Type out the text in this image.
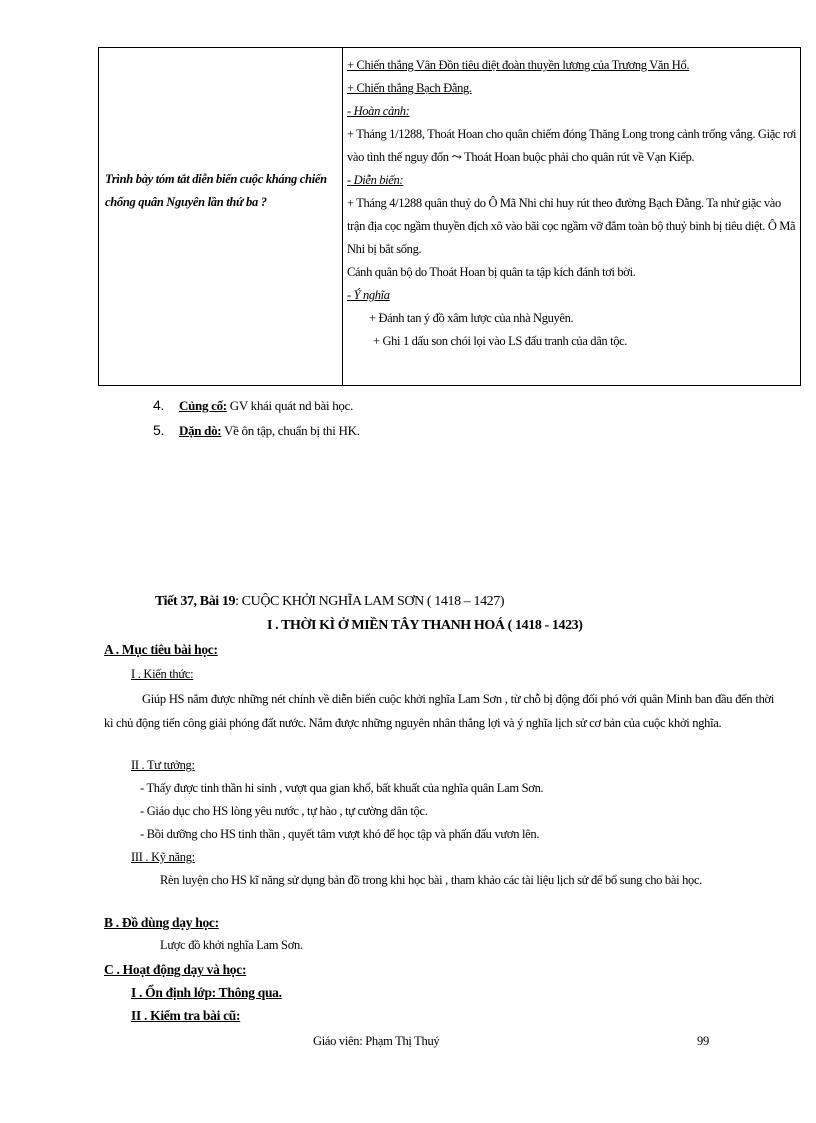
Trình bày tóm tắt diễn biến cuộc kháng chiến chống quân Nguyên lần thứ ba ?
+ Chiến thắng Vân Đồn tiêu diệt đoàn thuyền lương của Trương Văn Hổ.
+ Chiến thắng Bạch Đằng.
- Hoàn cảnh:
+ Tháng 1/1288, Thoát Hoan cho quân chiếm đóng Thăng Long trong cảnh trống vắng. Giặc rơi vào tình thế nguy đốn ⤳ Thoát Hoan buộc phải cho quân rút về Vạn Kiếp.
- Diễn biến:
+ Tháng 4/1288 quân thuỷ do Ô Mã Nhi chỉ huy rút theo đường Bạch Đằng. Ta nhử giặc vào trận địa cọc ngầm thuyền địch xô vào bãi cọc ngầm vỡ đắm toàn bộ thuỷ binh bị tiêu diệt. Ô Mã Nhi bị bắt sống.
Cánh quân bộ do Thoát Hoan bị quân ta tập kích đánh tơi bời.
- Ý nghĩa
+ Đánh tan ý đồ xâm lược của nhà Nguyên.
+ Ghi 1 dấu son chói lọi vào LS đấu tranh của dân tộc.
4. Củng cố: GV khái quát nd bài học.
5. Dặn dò: Về ôn tập, chuẩn bị thi HK.
Tiết 37, Bài 19: CUỘC KHỞI NGHĨA LAM SƠN ( 1418 – 1427)
I . THỜI KÌ Ở MIỀN TÂY THANH HOÁ ( 1418 - 1423)
A . Mục tiêu bài học:
I . Kiến thức:
Giúp HS nắm được những nét chính về diễn biến cuộc khởi nghĩa Lam Sơn , từ chỗ bị động đối phó với quân Minh ban đầu đến thời kì chủ động tiến công giải phóng đất nước. Nắm được những nguyên nhân thắng lợi và ý nghĩa lịch sử cơ bản của cuộc khởi nghĩa.
II . Tư tưởng:
- Thấy được tinh thần hi sinh , vượt qua gian khổ, bất khuất của nghĩa quân Lam Sơn.
- Giáo dục cho HS lòng yêu nước , tự hào , tự cường dân tộc.
- Bồi dưỡng cho HS tinh thần , quyết tâm vượt khó để học tập và phấn đấu vươn lên.
III . Kỹ năng:
Rèn luyện cho HS kĩ năng sử dụng bản đồ trong khi học bài , tham khảo các tài liệu lịch sử để bổ sung cho bài học.
B . Đồ dùng dạy học:
Lược đồ khởi nghĩa Lam Sơn.
C . Hoạt động dạy và học:
I . Ổn định lớp: Thông qua.
II . Kiểm tra bài cũ:
Giáo viên: Phạm Thị Thuý	99
